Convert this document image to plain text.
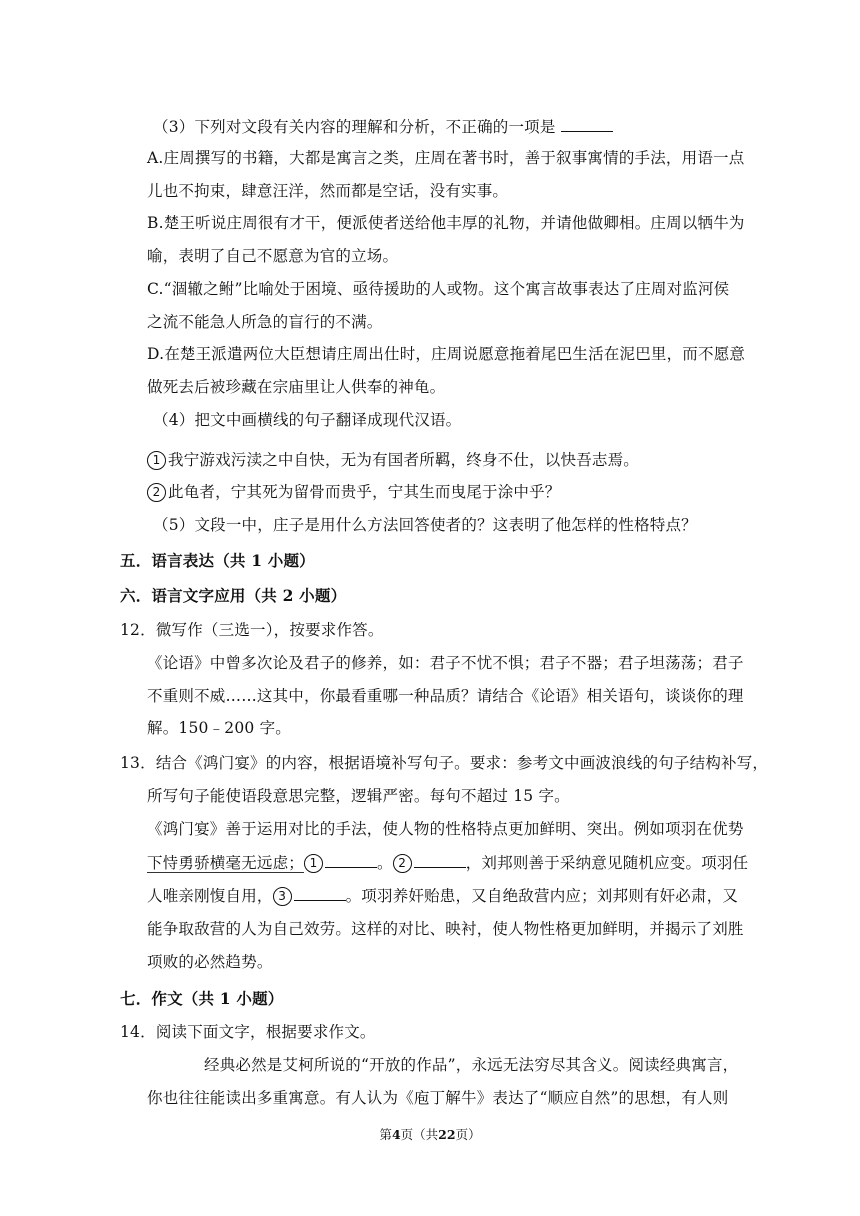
（3）下列对文段有关内容的理解和分析，不正确的一项是
A.庄周撰写的书籍，大都是寓言之类，庄周在著书时，善于叙事寓情的手法，用语一点
儿也不拘束，肆意汪洋，然而都是空话，没有实事。
B.楚王听说庄周很有才干，便派使者送给他丰厚的礼物，并请他做卿相。庄周以牺牛为
喻，表明了自己不愿意为官的立场。
C.“涸辙之鲋”比喻处于困境、亟待援助的人或物。这个寓言故事表达了庄周对监河侯
之流不能急人所急的盲行的不满。
D.在楚王派遣两位大臣想请庄周出仕时，庄周说愿意拖着尾巴生活在泥巴里，而不愿意
做死去后被珍藏在宗庙里让人供奉的神龟。
（4）把文中画横线的句子翻译成现代汉语。
1 我宁游戏污渎之中自快，无为有国者所羁，终身不仕，以快吾志焉。
2 此龟者，宁其死为留骨而贵乎，宁其生而曳尾于涂中乎？
（5）文段一中，庄子是用什么方法回答使者的？这表明了他怎样的性格特点？
五．语言表达（共 1 小题）
六．语言文字应用（共 2 小题）
12．微写作（三选一），按要求作答。
《论语》中曾多次论及君子的修养，如：君子不忧不惧；君子不器；君子坦荡荡；君子
不重则不威……这其中，你最看重哪一种品质？请结合《论语》相关语句，谈谈你的理
解。150﹣200 字。
13．结合《鸿门宴》的内容，根据语境补写句子。要求：参考文中画波浪线的句子结构补写，
所写句子能使语段意思完整，逻辑严密。每句不超过 15 字。
《鸿门宴》善于运用对比的手法，使人物的性格特点更加鲜明、突出。例如项羽在优势
下恃勇骄横毫无远虑； 1	。 2	，刘邦则善于采纳意见随机应变。项羽任
人唯亲刚愎自用， 3	。项羽养奸贻患，又自绝敌营内应；刘邦则有奸必肃，又
能争取敌营的人为自己效劳。这样的对比、映衬，使人物性格更加鲜明，并揭示了刘胜
项败的必然趋势。
七．作文（共 1 小题）
14．阅读下面文字，根据要求作文。
经典必然是艾柯所说的“开放的作品”，永远无法穷尽其含义。阅读经典寓言，
你也往往能读出多重寓意。有人认为《庖丁解牛》表达了“顺应自然”的思想，有人则
第4页（共22页）
